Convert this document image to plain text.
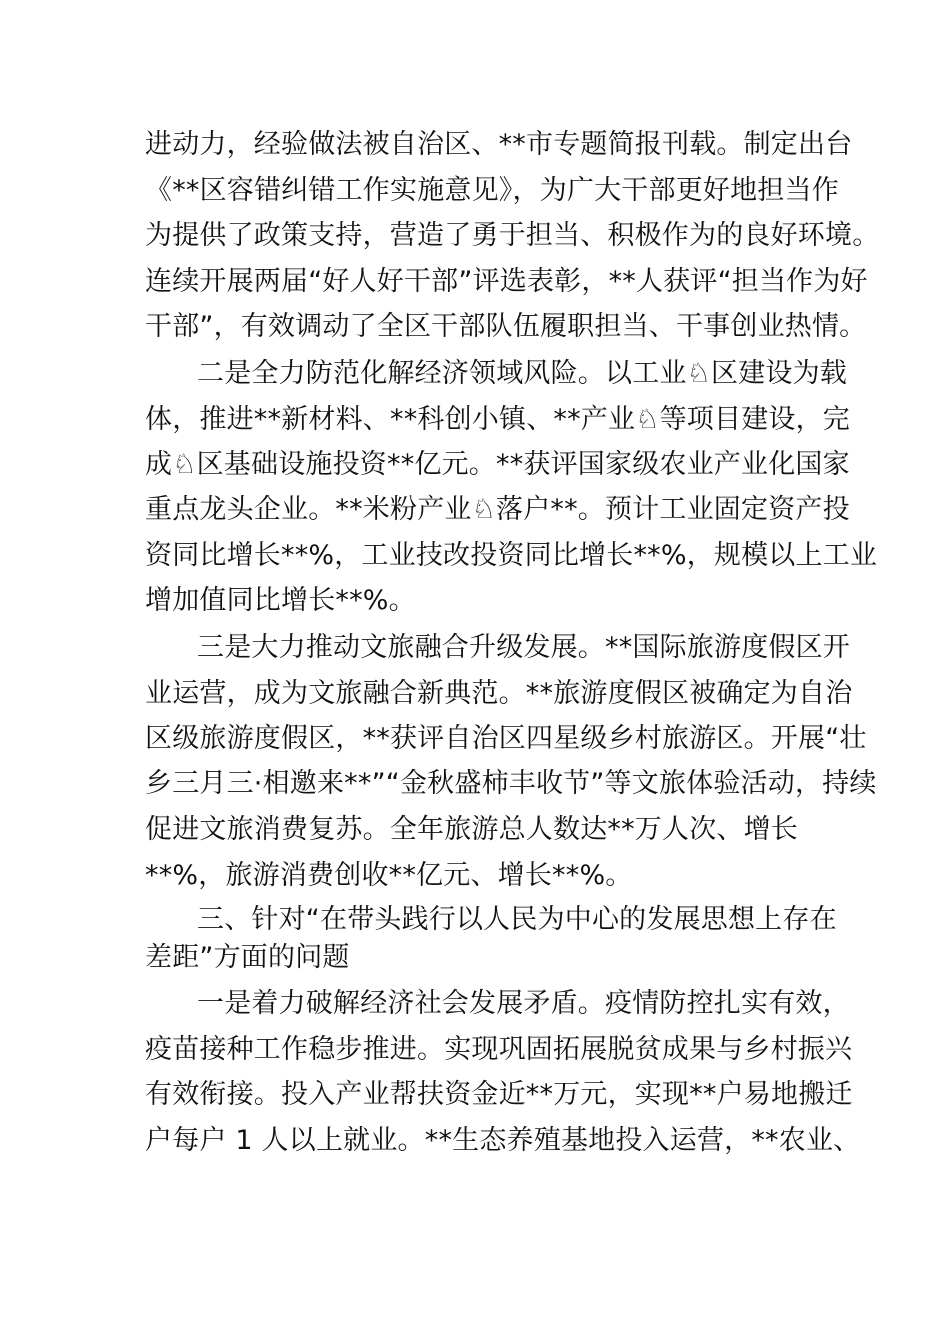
进动力，经验做法被自治区、**市专题简报刊载。制定出台
《**区容错纠错工作实施意见》，为广大干部更好地担当作
为提供了政策支持，营造了勇于担当、积极作为的良好环境。
连续开展两届“好人好干部”评选表彰，**人获评“担当作为好
干部”，有效调动了全区干部队伍履职担当、干事创业热情。
二是全力防范化解经济领域风险。以工业♘区建设为载
体，推进**新材料、**科创小镇、**产业♘等项目建设，完
成♘区基础设施投资**亿元。**获评国家级农业产业化国家
重点龙头企业。**米粉产业♘落户**。预计工业固定资产投
资同比增长**%，工业技改投资同比增长**%，规模以上工业
增加值同比增长**%。
三是大力推动文旅融合升级发展。**国际旅游度假区开
业运营，成为文旅融合新典范。**旅游度假区被确定为自治
区级旅游度假区，**获评自治区四星级乡村旅游区。开展“壮
乡三月三·相邀来**”“金秋盛柿丰收节”等文旅体验活动，持续
促进文旅消费复苏。全年旅游总人数达**万人次、增长
**%，旅游消费创收**亿元、增长**%。
三、针对“在带头践行以人民为中心的发展思想上存在
差距”方面的问题
一是着力破解经济社会发展矛盾。疫情防控扎实有效，
疫苗接种工作稳步推进。实现巩固拓展脱贫成果与乡村振兴
有效衔接。投入产业帮扶资金近**万元，实现**户易地搬迁
户每户 1 人以上就业。**生态养殖基地投入运营，**农业、
